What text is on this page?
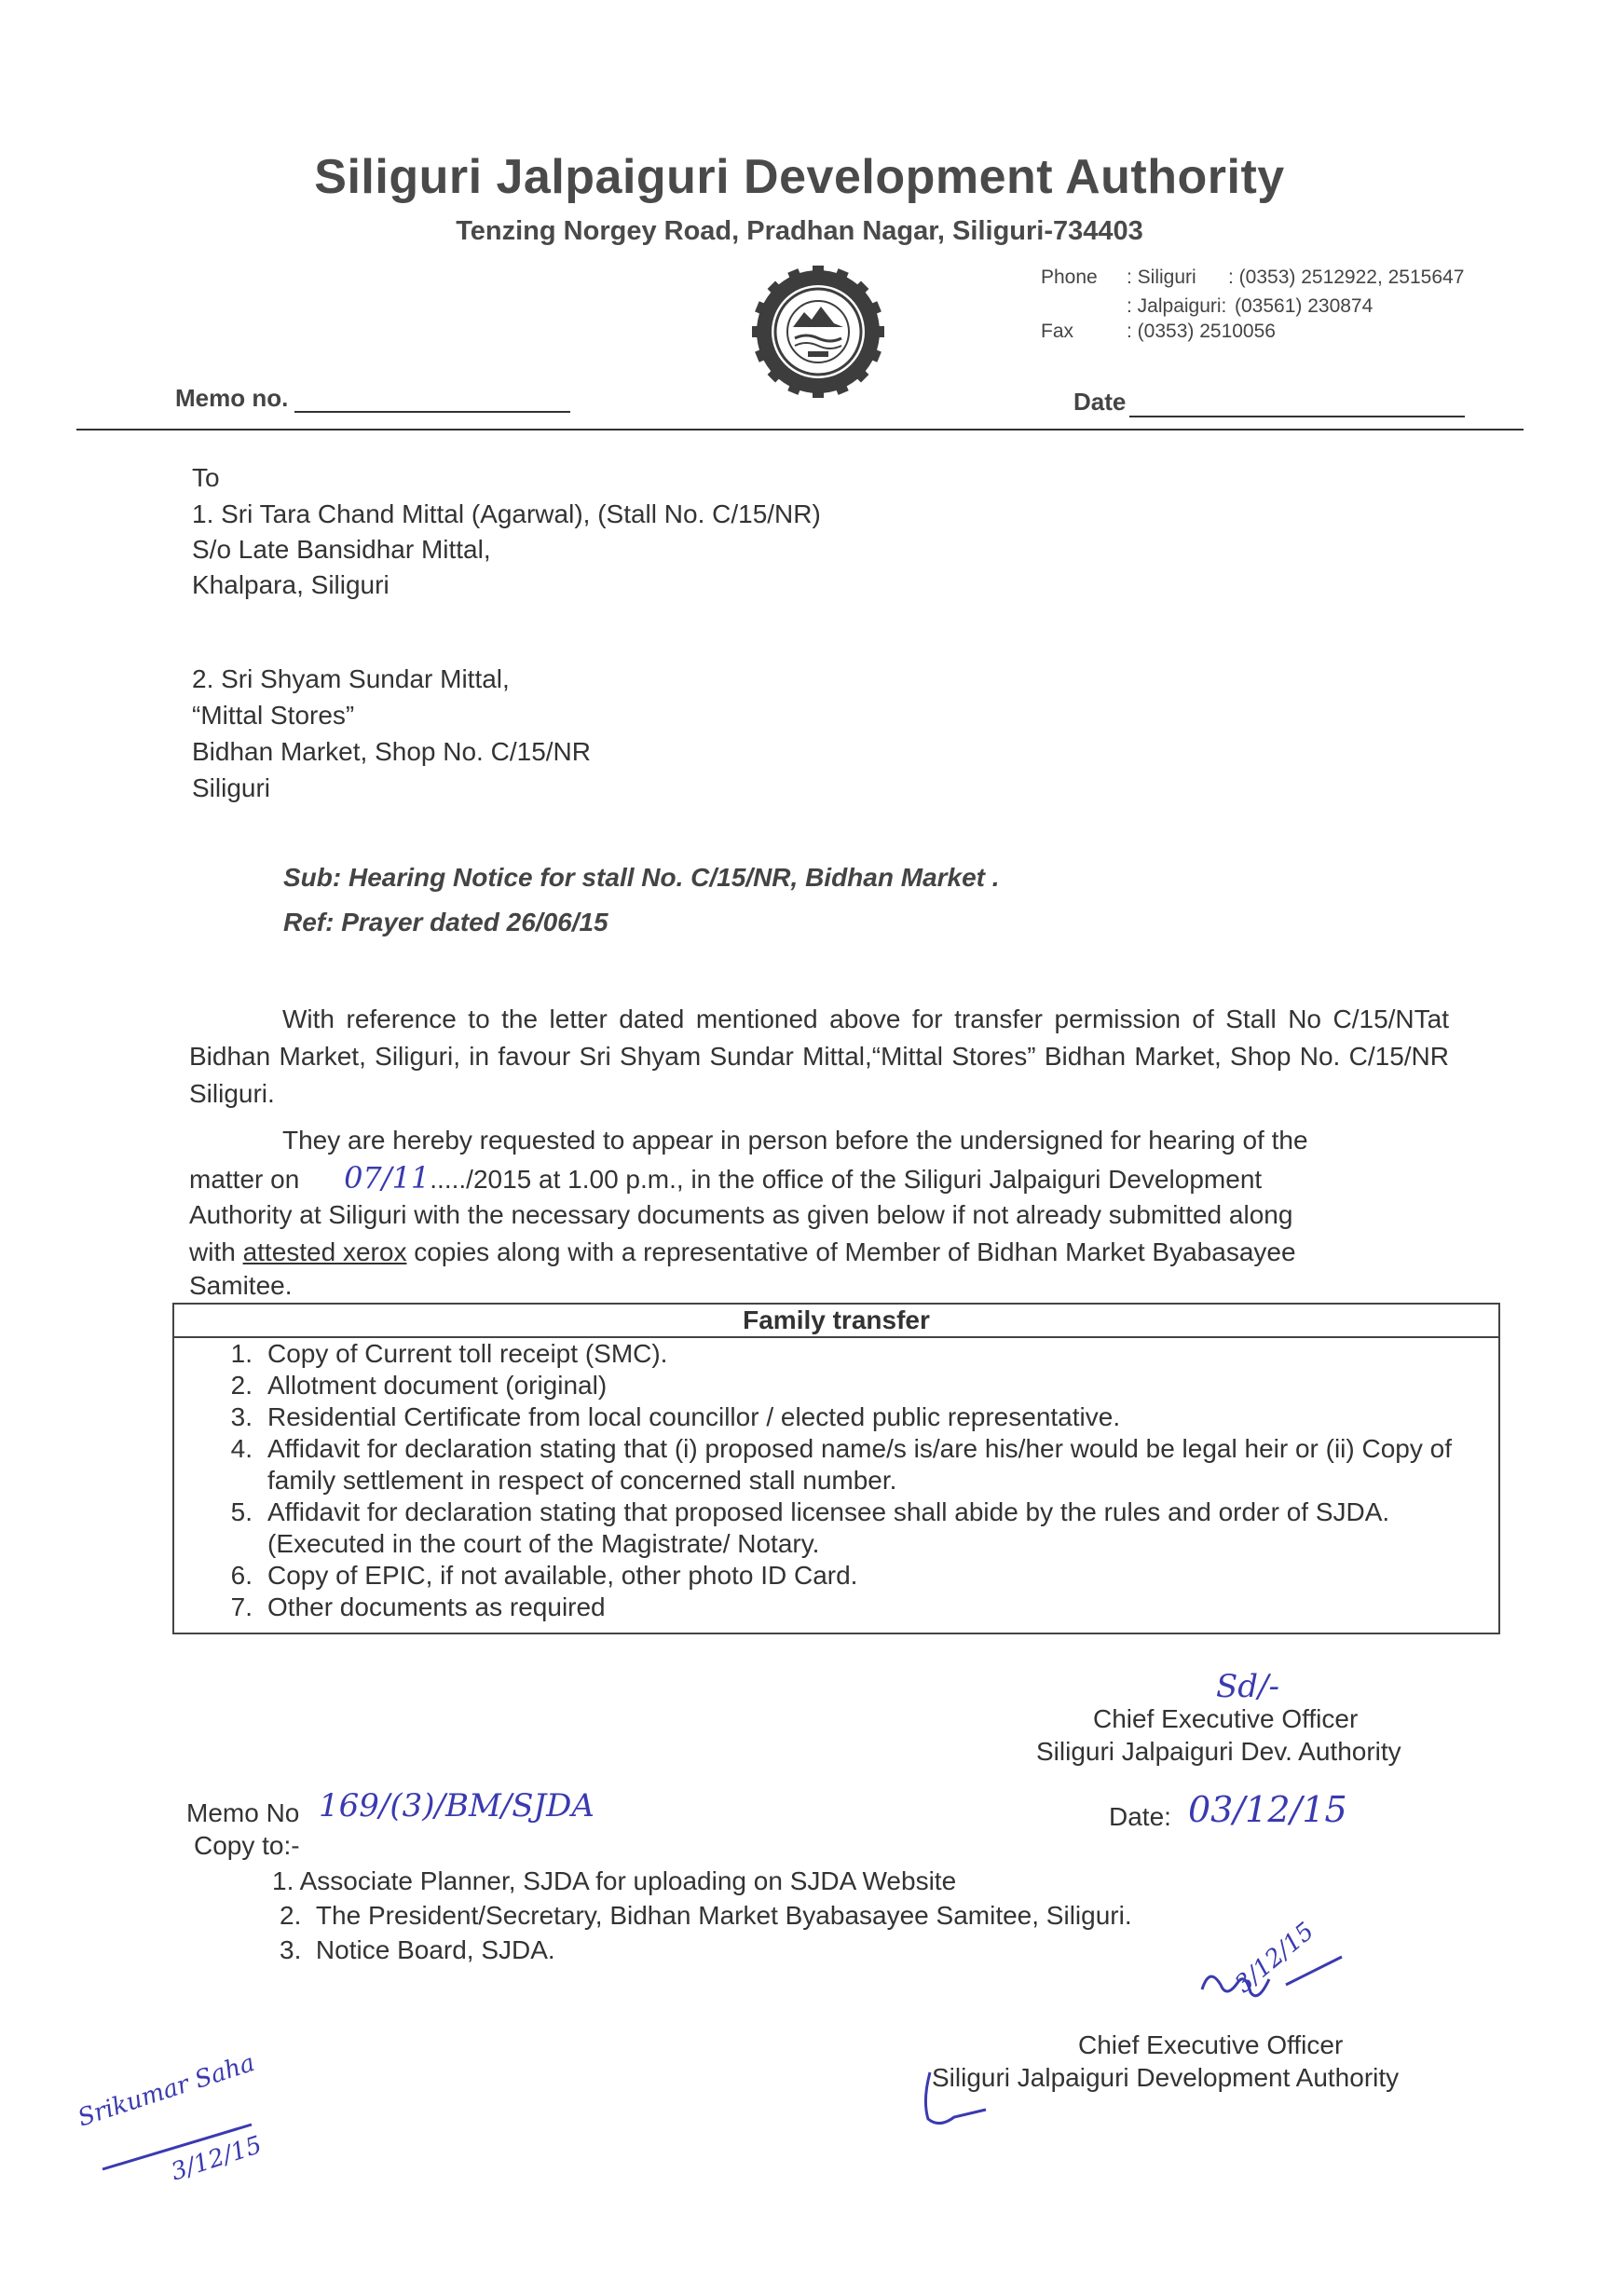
Siliguri Jalpaiguri Development Authority
Tenzing Norgey Road, Pradhan Nagar, Siliguri-734403
Phone : Siliguri : (0353) 2512922, 2515647
: Jalpaiguri: (03561) 230874
Fax	: (0353) 2510056
Memo no.	Date
To
1. Sri Tara Chand Mittal (Agarwal), (Stall No. C/15/NR)
S/o Late Bansidhar Mittal,
Khalpara, Siliguri
2. Sri Shyam Sundar Mittal,
“Mittal Stores”
Bidhan Market, Shop No. C/15/NR
Siliguri
Sub: Hearing Notice for stall No. C/15/NR, Bidhan Market .
Ref: Prayer dated 26/06/15
With reference to the letter dated mentioned above for transfer permission of Stall No C/15/NTat Bidhan Market, Siliguri, in favour Sri Shyam Sundar Mittal,“Mittal Stores” Bidhan Market, Shop No. C/15/NR Siliguri.
They are hereby requested to appear in person before the undersigned for hearing of the
matter on 07/11...../2015 at 1.00 p.m., in the office of the Siliguri Jalpaiguri Development
Authority at Siliguri with the necessary documents as given below if not already submitted along
with attested xerox copies along with a representative of Member of Bidhan Market Byabasayee
Samitee.
Family transfer
1. Copy of Current toll receipt (SMC).
2. Allotment document (original)
3. Residential Certificate from local councillor / elected public representative.
4. Affidavit for declaration stating that (i) proposed name/s is/are his/her would be legal heir or (ii) Copy of family settlement in respect of concerned stall number.
5. Affidavit for declaration stating that proposed licensee shall abide by the rules and order of SJDA. (Executed in the court of the Magistrate/ Notary.
6. Copy of EPIC, if not available, other photo ID Card.
7. Other documents as required
Sd/-
Chief Executive Officer
Siliguri Jalpaiguri Dev. Authority
Memo No 169/(3)/BM/SJDA	Date: 03/12/15
Copy to:-
1. Associate Planner, SJDA for uploading on SJDA Website
2. The President/Secretary, Bidhan Market Byabasayee Samitee, Siliguri.
3. Notice Board, SJDA.	3/12/15
Chief Executive Officer
Siliguri Jalpaiguri Development Authority
Srikumar Saha
3/12/15
